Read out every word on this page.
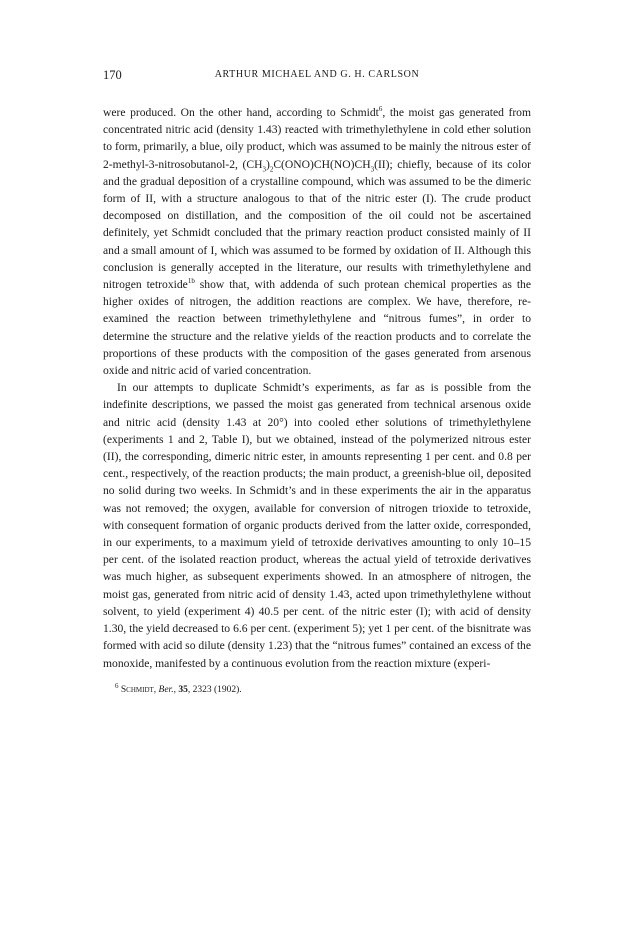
170	ARTHUR MICHAEL AND G. H. CARLSON

were produced. On the other hand, according to Schmidt$^6$, the moist gas generated from concentrated nitric acid (density 1.43) reacted with trimethylethylene in cold ether solution to form, primarily, a blue, oily product, which was assumed to be mainly the nitrous ester of 2-methyl-3-nitrosobutanol-2, $(CH_3)_2C(ONO)CH(NO)CH_3(II)$; chiefly, because of its color and the gradual deposition of a crystalline compound, which was assumed to be the dimeric form of II, with a structure analogous to that of the nitric ester (I). The crude product decomposed on distillation, and the composition of the oil could not be ascertained definitely, yet Schmidt concluded that the primary reaction product consisted mainly of II and a small amount of I, which was assumed to be formed by oxidation of II. Although this conclusion is generally accepted in the literature, our results with trimethylethylene and nitrogen tetroxide$^{1b}$ show that, with addenda of such protean chemical properties as the higher oxides of nitrogen, the addition reactions are complex. We have, therefore, re-examined the reaction between trimethylethylene and “nitrous fumes”, in order to determine the structure and the relative yields of the reaction products and to correlate the proportions of these products with the composition of the gases generated from arsenous oxide and nitric acid of varied concentration.

In our attempts to duplicate Schmidt’s experiments, as far as is possible from the indefinite descriptions, we passed the moist gas generated from technical arsenous oxide and nitric acid (density 1.43 at 20°) into cooled ether solutions of trimethylethylene (experiments 1 and 2, Table I), but we obtained, instead of the polymerized nitrous ester (II), the corresponding, dimeric nitric ester, in amounts representing 1 per cent. and 0.8 per cent., respectively, of the reaction products; the main product, a greenish-blue oil, deposited no solid during two weeks. In Schmidt’s and in these experiments the air in the apparatus was not removed; the oxygen, available for conversion of nitrogen trioxide to tetroxide, with consequent formation of organic products derived from the latter oxide, corresponded, in our experiments, to a maximum yield of tetroxide derivatives amounting to only 10–15 per cent. of the isolated reaction product, whereas the actual yield of tetroxide derivatives was much higher, as subsequent experiments showed. In an atmosphere of nitrogen, the moist gas, generated from nitric acid of density 1.43, acted upon trimethylethylene without solvent, to yield (experiment 4) 40.5 per cent. of the nitric ester (I); with acid of density 1.30, the yield decreased to 6.6 per cent. (experiment 5); yet 1 per cent. of the bisnitrate was formed with acid so dilute (density 1.23) that the “nitrous fumes” contained an excess of the monoxide, manifested by a continuous evolution from the reaction mixture (experi-

$^6$ Schmidt, Ber., 35, 2323 (1902).
